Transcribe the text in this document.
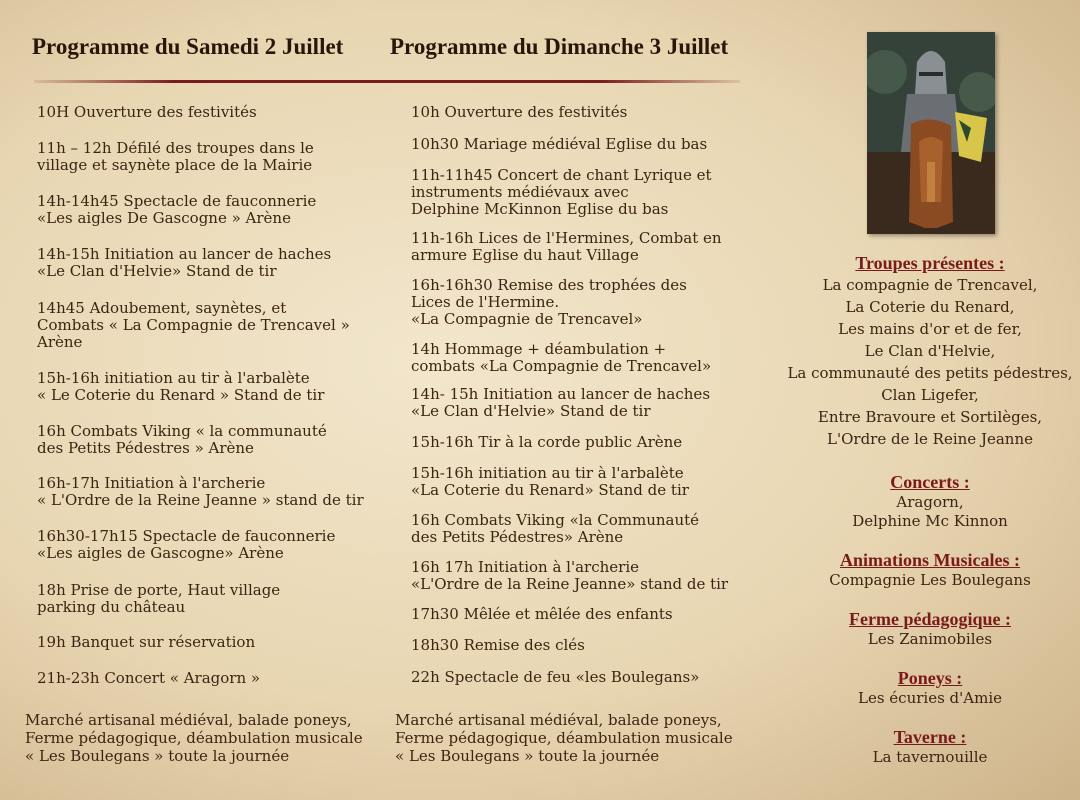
Programme du Samedi 2 Juillet Programme du Dimanche 3 Juillet

10H Ouverture des festivités

11h – 12h Défilé des troupes dans le
village et saynète place de la Mairie

14h-14h45 Spectacle de fauconnerie
«Les aigles De Gascogne » Arène

14h-15h Initiation au lancer de haches
«Le Clan d'Helvie» Stand de tir

14h45 Adoubement, saynètes, et
Combats « La Compagnie de Trencavel »
Arène

15h-16h initiation au tir à l'arbalète
« Le Coterie du Renard » Stand de tir

16h Combats Viking « la communauté
des Petits Pédestres » Arène

16h-17h Initiation à l'archerie
« L'Ordre de la Reine Jeanne » stand de tir

16h30-17h15 Spectacle de fauconnerie
«Les aigles de Gascogne» Arène

18h Prise de porte, Haut village
parking du château

19h Banquet sur réservation

21h-23h Concert « Aragorn »

Marché artisanal médiéval, balade poneys,
Ferme pédagogique, déambulation musicale
« Les Boulegans » toute la journée

10h Ouverture des festivités

10h30 Mariage médiéval Eglise du bas

11h-11h45 Concert de chant Lyrique et
instruments médiévaux avec
Delphine McKinnon Eglise du bas

11h-16h Lices de l'Hermines, Combat en
armure Eglise du haut Village

16h-16h30 Remise des trophées des
Lices de l'Hermine.
«La Compagnie de Trencavel»

14h Hommage + déambulation +
combats «La Compagnie de Trencavel»

14h- 15h Initiation au lancer de haches
«Le Clan d'Helvie» Stand de tir

15h-16h Tir à la corde public Arène

15h-16h initiation au tir à l'arbalète
«La Coterie du Renard» Stand de tir

16h Combats Viking «la Communauté
des Petits Pédestres» Arène

16h 17h Initiation à l'archerie
«L'Ordre de la Reine Jeanne» stand de tir

17h30 Mêlée et mêlée des enfants

18h30 Remise des clés

22h Spectacle de feu «les Boulegans»

Marché artisanal médiéval, balade poneys,
Ferme pédagogique, déambulation musicale
« Les Boulegans » toute la journée

Troupes présentes :

La compagnie de Trencavel,

La Coterie du Renard,

Les mains d'or et de fer,

Le Clan d'Helvie,

La communauté des petits pédestres,

Clan Ligefer,

Entre Bravoure et Sortilèges,

L'Ordre de le Reine Jeanne

Concerts :

Aragorn,

Delphine Mc Kinnon

Animations Musicales :

Compagnie Les Boulegans

Ferme pédagogique :

Les Zanimobiles

Poneys :

Les écuries d'Amie

Taverne :

La tavernouille
